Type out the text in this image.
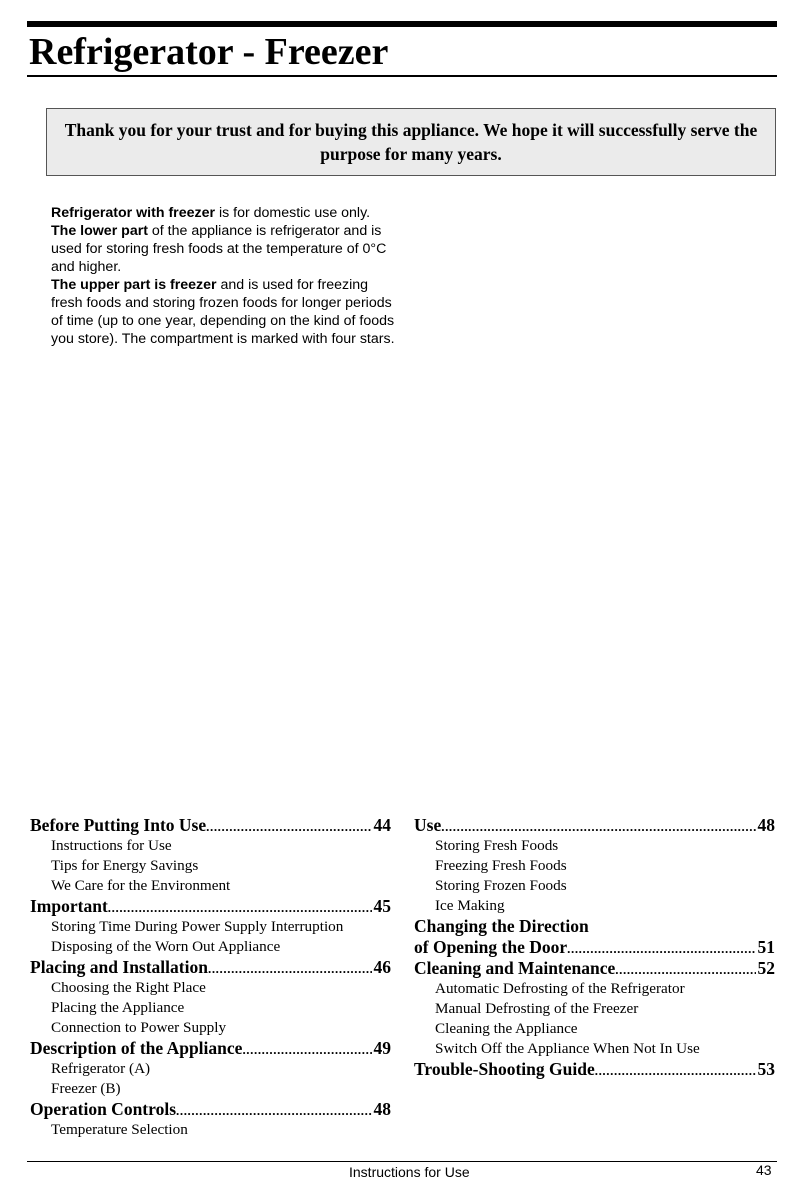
Refrigerator - Freezer
Thank you for your trust and for buying this appliance. We hope it will successfully serve the purpose for many years.

Refrigerator with freezer is for domestic use only.

The lower part of the appliance is refrigerator and is used for storing fresh foods at the temperature of 0°C and higher.

The upper part is freezer and is used for freezing fresh foods and storing frozen foods for longer periods of time (up to one year, depending on the kind of foods you store). The compartment is marked with four stars.

Before Putting Into Use .....	44
Instructions for Use
Tips for Energy Savings
We Care for the Environment
Important .....	45
Storing Time During Power Supply Interruption
Disposing of the Worn Out Appliance
Placing and Installation .....	46
Choosing the Right Place
Placing the Appliance
Connection to Power Supply
Description of the Appliance .....	49
Refrigerator (A)
Freezer (B)
Operation Controls .....	48
Temperature Selection
Use .....	48
Storing Fresh Foods
Freezing Fresh Foods
Storing Frozen Foods
Ice Making
Changing the Direction
of Opening the Door .....	51
Cleaning and Maintenance .....	52
Automatic Defrosting of the Refrigerator
Manual Defrosting of the Freezer
Cleaning the Appliance
Switch Off the Appliance When Not In Use
Trouble-Shooting Guide .....	53
Instructions for Use	43
